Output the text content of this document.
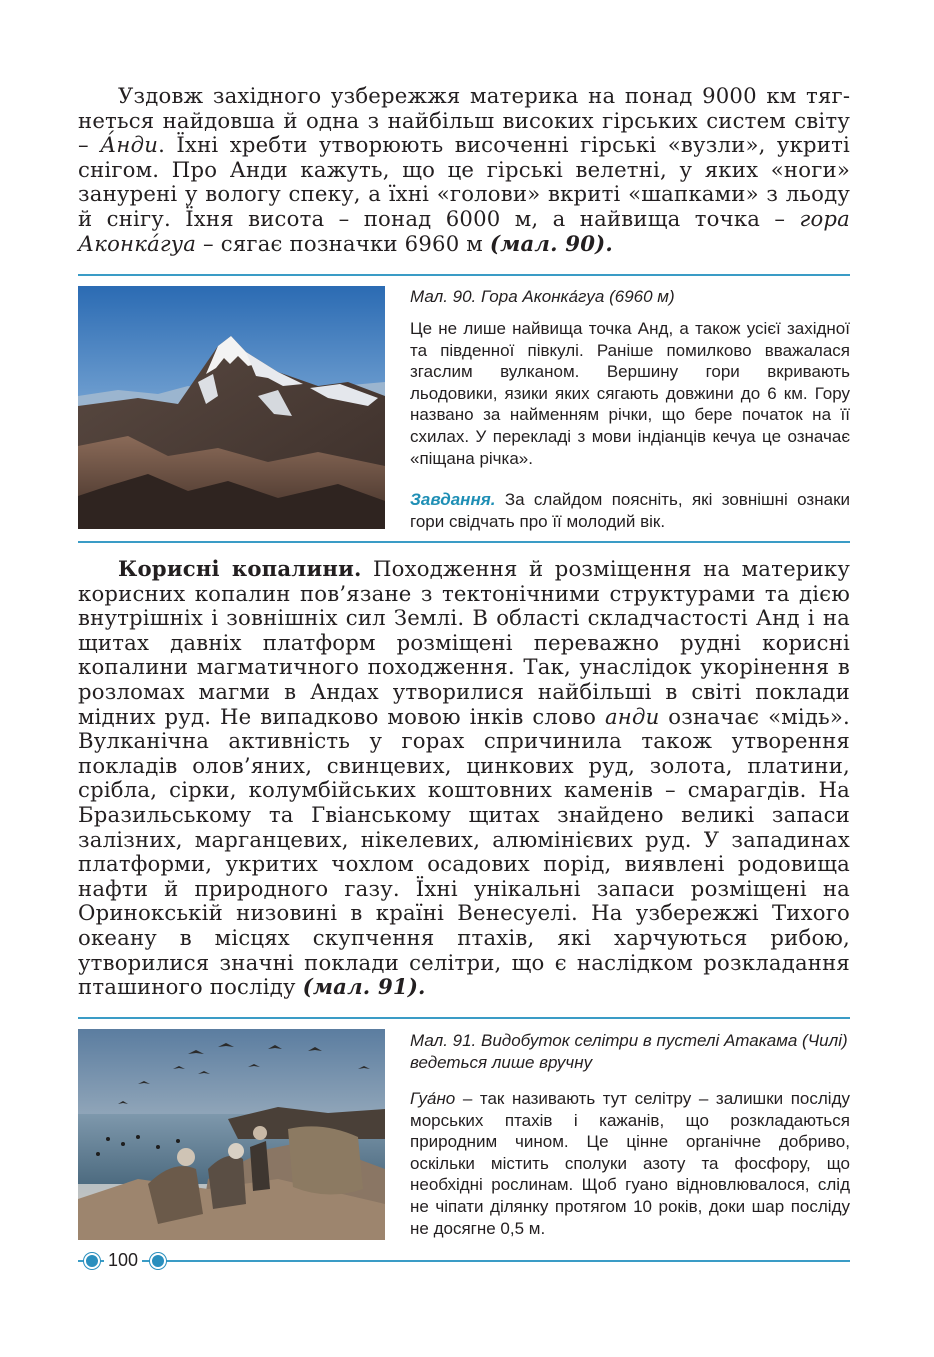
Уздовж західного узбережжя материка на понад 9000 км тягнеться найдовша й одна з найбільш високих гірських систем світу – А́нди. Їхні хребти утворюють височенні гірські «вузли», укриті снігом. Про Анди кажуть, що це гірські велетні, у яких «ноги» занурені у вологу спеку, а їхні «голови» вкриті «шапками» з льоду й снігу. Їхня висота – понад 6000 м, а найвища точка – гора Аконка́гуа – сягає позначки 6960 м (мал. 90).

Мал. 90. Гора Аконка́гуа (6960 м)

Це не лише найвища точка Анд, а також усієї західної та південної півкулі. Раніше помилково вважалася згаслим вулканом. Вершину гори вкривають льодовики, язики яких сягають довжини до 6 км. Гору названо за найменням річки, що бере початок на її схилах. У перекладі з мови індіанців кечуа це означає «піщана річка».

Завдання. За слайдом поясніть, які зовнішні ознаки гори свідчать про її молодий вік.

Корисні копалини. Походження й розміщення на материку корисних копалин пов’язане з тектонічними структурами та дією внутрішніх і зовнішніх сил Землі. В області складчастості Анд і на щитах давніх платформ розміщені переважно рудні корисні копалини магматичного походження. Так, унаслідок укорінення в розломах магми в Андах утворилися найбільші в світі поклади мідних руд. Не випадково мовою інків слово анди означає «мідь». Вулканічна активність у горах спричинила також утворення покладів олов’яних, свинцевих, цинкових руд, золота, платини, срібла, сірки, колумбійських коштовних каменів – смарагдів. На Бразильському та Гвіанському щитах знайдено великі запаси залізних, марганцевих, нікелевих, алюмінієвих руд. У западинах платформи, укритих чохлом осадових порід, виявлені родовища нафти й природного газу. Їхні унікальні запаси розміщені на Оринокській низовині в країні Венесуелі. На узбережжі Тихого океану в місцях скупчення птахів, які харчуються рибою, утворилися значні поклади селітри, що є наслідком розкладання пташиного посліду (мал. 91).

Мал. 91. Видобуток селітри в пустелі Атакама (Чилі) ведеться лише вручну

Гуа́но – так називають тут селітру – залишки посліду морських птахів і кажанів, що розкладаються природним чином. Це цінне органічне добриво, оскільки містить сполуки азоту та фосфору, що необхідні рослинам. Щоб гуано відновлювалося, слід не чіпати ділянку протягом 10 років, доки шар посліду не досягне 0,5 м.

100
